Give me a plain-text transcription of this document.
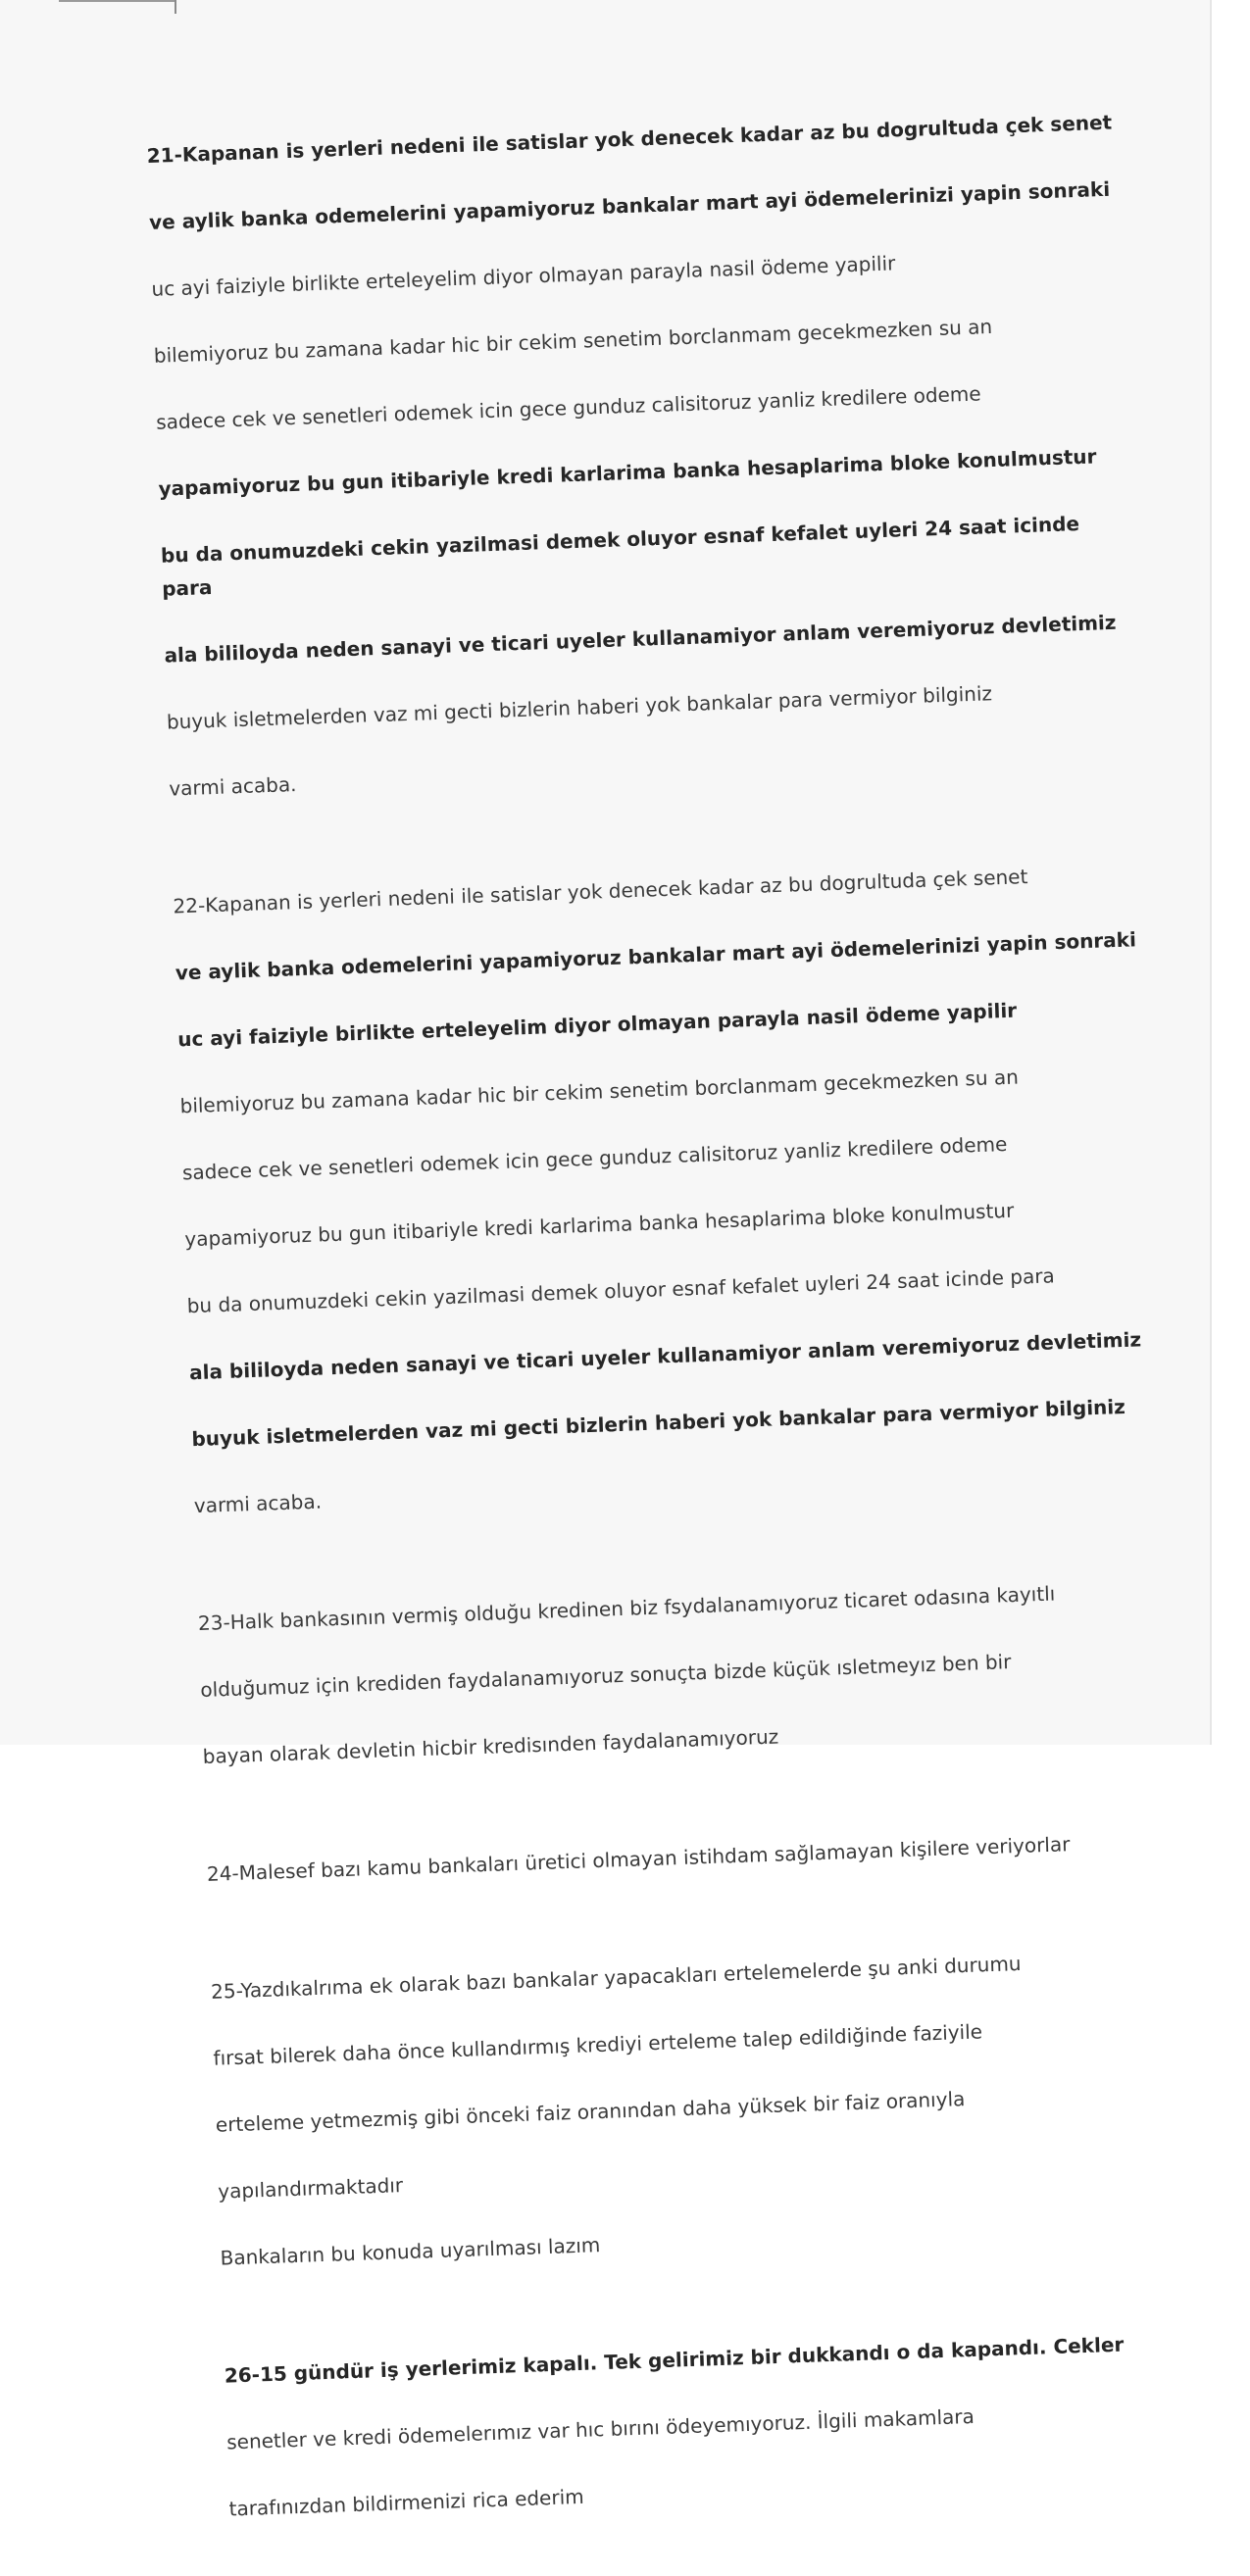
21-Kapanan is yerleri nedeni ile satislar yok denecek kadar az bu dogrultuda çek senet

ve aylik banka odemelerini yapamiyoruz bankalar mart ayi ödemelerinizi yapin sonraki

uc ayi faiziyle birlikte erteleyelim diyor olmayan parayla nasil ödeme yapilir

bilemiyoruz bu zamana kadar hic bir cekim senetim borclanmam gecekmezken su an

sadece cek ve senetleri odemek icin gece gunduz calisitoruz yanliz kredilere odeme

yapamiyoruz bu gun itibariyle kredi karlarima banka hesaplarima bloke konulmustur

bu da onumuzdeki cekin yazilmasi demek oluyor esnaf kefalet uyleri 24 saat icinde para

ala bililoyda neden sanayi ve ticari uyeler kullanamiyor anlam veremiyoruz devletimiz

buyuk isletmelerden vaz mi gecti bizlerin haberi yok bankalar para vermiyor bilginiz

varmi acaba.

22-Kapanan is yerleri nedeni ile satislar yok denecek kadar az bu dogrultuda çek senet

ve aylik banka odemelerini yapamiyoruz bankalar mart ayi ödemelerinizi yapin sonraki

uc ayi faiziyle birlikte erteleyelim diyor olmayan parayla nasil ödeme yapilir

bilemiyoruz bu zamana kadar hic bir cekim senetim borclanmam gecekmezken su an

sadece cek ve senetleri odemek icin gece gunduz calisitoruz yanliz kredilere odeme

yapamiyoruz bu gun itibariyle kredi karlarima banka hesaplarima bloke konulmustur

bu da onumuzdeki cekin yazilmasi demek oluyor esnaf kefalet uyleri 24 saat icinde para

ala bililoyda neden sanayi ve ticari uyeler kullanamiyor anlam veremiyoruz devletimiz

buyuk isletmelerden vaz mi gecti bizlerin haberi yok bankalar para vermiyor bilginiz

varmi acaba.

23-Halk bankasının vermiş olduğu kredinen biz fsydalanamıyoruz ticaret odasına kayıtlı

olduğumuz için krediden faydalanamıyoruz sonuçta bizde küçük ısletmeyız ben bir

bayan olarak devletin hicbir kredisınden faydalanamıyoruz

24-Malesef bazı kamu bankaları üretici olmayan istihdam sağlamayan kişilere veriyorlar

25-Yazdıkalrıma ek olarak bazı bankalar yapacakları ertelemelerde şu anki durumu

fırsat bilerek daha önce kullandırmış krediyi erteleme talep edildiğinde faziyile

erteleme yetmezmiş gibi önceki faiz oranından daha yüksek bir faiz oranıyla

yapılandırmaktadır

Bankaların bu konuda uyarılması lazım

26-15 gündür iş yerlerimiz kapalı. Tek gelirimiz bir dukkandı o da kapandı. Cekler

senetler ve kredi ödemelerımız var hıc bırını ödeyemıyoruz. İlgili makamlara

tarafınızdan bildirmenizi rica ederim
